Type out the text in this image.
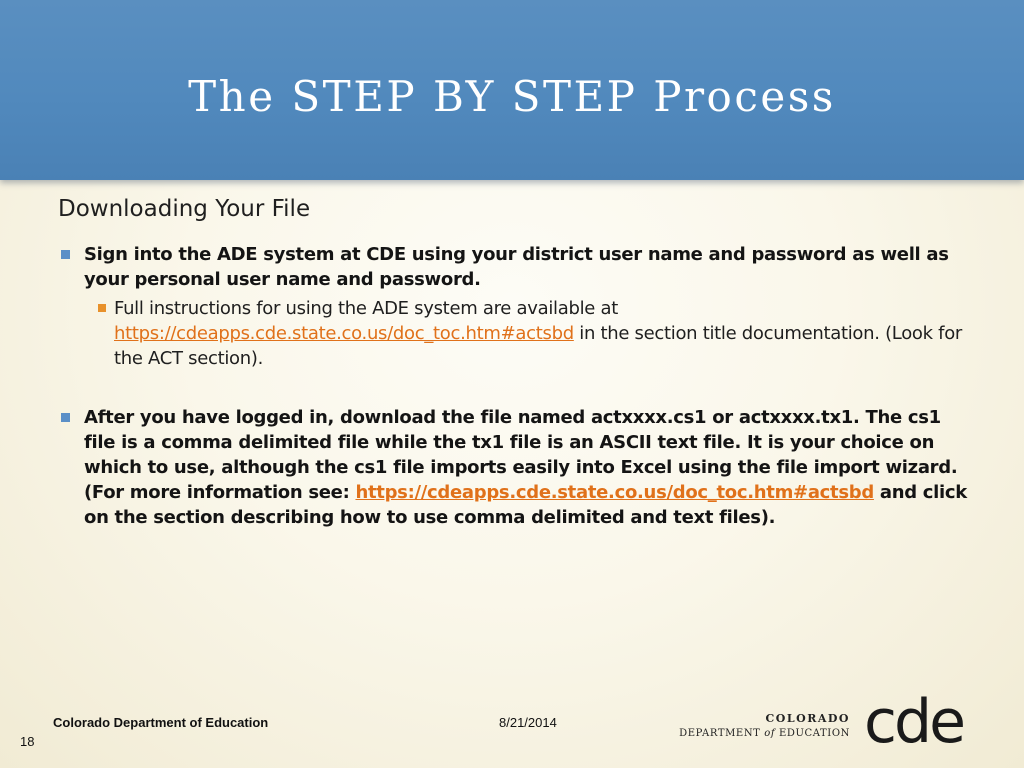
The STEP BY STEP Process
Downloading Your File
Sign into the ADE system at CDE using your district user name and password as well as your personal user name and password.
Full instructions for using the ADE system are available at https://cdeapps.cde.state.co.us/doc_toc.htm#actsbd in the section title documentation. (Look for the ACT section).
After you have logged in, download the file named actxxxx.cs1 or actxxxx.tx1. The cs1 file is a comma delimited file while the tx1 file is an ASCII text file. It is your choice on which to use, although the cs1 file imports easily into Excel using the file import wizard. (For more information see: https://cdeapps.cde.state.co.us/doc_toc.htm#actsbd and click on the section describing how to use comma delimited and text files).
Colorado Department of Education	8/21/2014
18
COLORADO
DEPARTMENT of EDUCATION cde
